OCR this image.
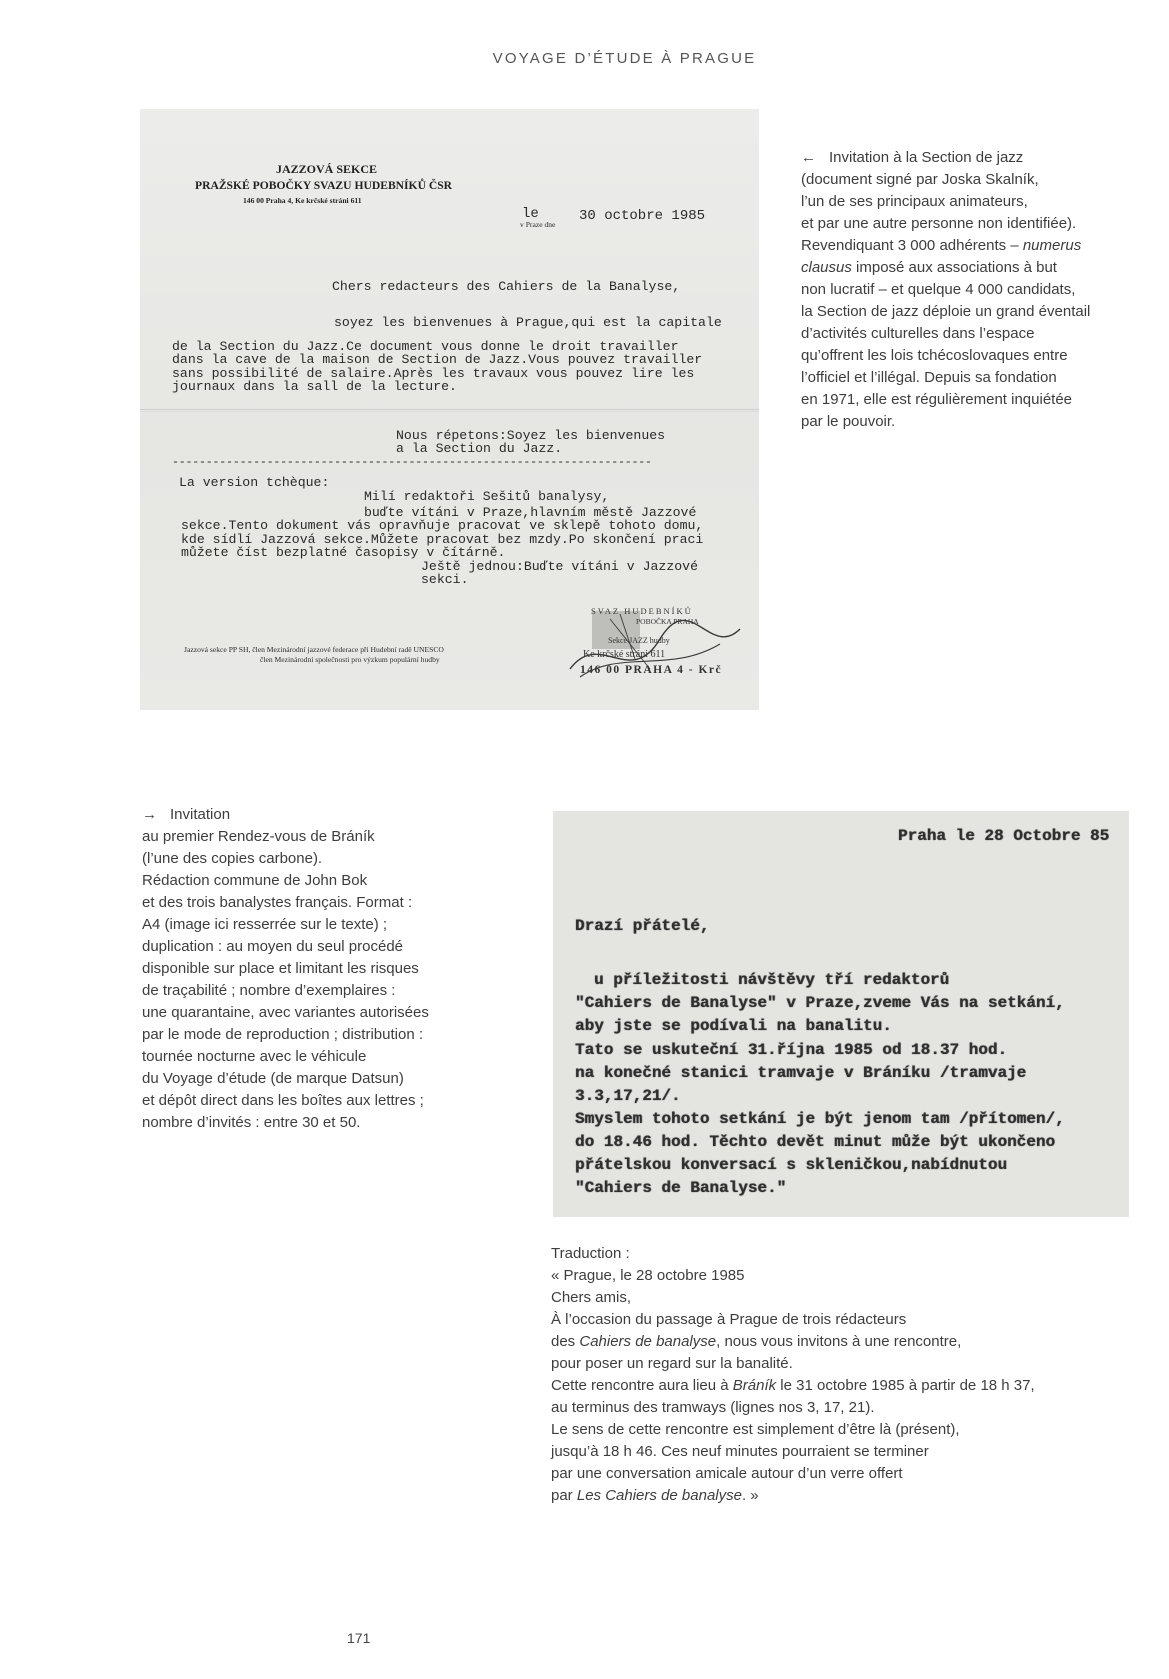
VOYAGE D’ÉTUDE À PRAGUE
JAZZOVÁ SEKCE
PRAŽSKÉ POBOČKY SVAZU HUDEBNÍKŮ ČSR
146 00 Praha 4, Ke krčské stráni 611
le
v Praze dne
30 octobre 1985
Chers redacteurs des Cahiers de la Banalyse,
soyez les bienvenues à Prague,qui est la capitale
de la Section du Jazz.Ce document vous donne le droit travailler
dans la cave de la maison de Section de Jazz.Vous pouvez travailler
sans possibilité de salaire.Après les travaux vous pouvez lire les
journaux dans la sall de la lecture.
Nous répetons:Soyez les bienvenues
a la Section du Jazz.
-----------------------------------------------------------------------
La version tchèque:
Milí redaktoři Sešitů banalysy,
buďte vítáni v Praze,hlavním městě Jazzové
sekce.Tento dokument vás opravňuje pracovat ve sklepě tohoto domu,
kde sídlí Jazzová sekce.Můžete pracovat bez mzdy.Po skončení praci
můžete číst bezplatné časopisy v čítárně.
Ještě jednou:Buďte vítáni v Jazzové
sekci.
Jazzová sekce PP SH, člen Mezinárodní jazzové federace při Hudební radě UNESCO
člen Mezinárodní společnosti pro výzkum populární hudby
SVAZ HUDEBNÍKŮ
POBOČKA PRAHA
Sekce JAZZ hudby
Ke krčské stráni 611
146 00 PRAHA 4 - Krč
← Invitation à la Section de jazz
(document signé par Joska Skalník,
l’un de ses principaux animateurs,
et par une autre personne non identifiée).
Revendiquant 3 000 adhérents – numerus
clausus imposé aux associations à but
non lucratif – et quelque 4 000 candidats,
la Section de jazz déploie un grand éventail
d’activités culturelles dans l’espace
qu’offrent les lois tchécoslovaques entre
l’officiel et l’illégal. Depuis sa fondation
en 1971, elle est régulièrement inquiétée
par le pouvoir.
→ Invitation
au premier Rendez-vous de Bráník
(l’une des copies carbone).
Rédaction commune de John Bok
et des trois banalystes français. Format :
A4 (image ici resserrée sur le texte) ;
duplication : au moyen du seul procédé
disponible sur place et limitant les risques
de traçabilité ; nombre d’exemplaires :
une quarantaine, avec variantes autorisées
par le mode de reproduction ; distribution :
tournée nocturne avec le véhicule
du Voyage d’étude (de marque Datsun)
et dépôt direct dans les boîtes aux lettres ;
nombre d’invités : entre 30 et 50.
Praha le 28 Octobre 85
Drazí přátelé,
u příležitosti návštěvy tří redaktorů
"Cahiers de Banalyse" v Praze,zveme Vás na setkání,
aby jste se podívali na banalitu.
Tato se uskuteční 31.října 1985 od 18.37 hod.
na konečné stanici tramvaje v Bráníku /tramvaje
3.3,17,21/.
Smyslem tohoto setkání je být jenom tam /přítomen/,
do 18.46 hod. Těchto devět minut může být ukončeno
přátelskou konversací s skleničkou,nabídnutou
"Cahiers de Banalyse."
Traduction :
« Prague, le 28 octobre 1985
Chers amis,
À l’occasion du passage à Prague de trois rédacteurs
des Cahiers de banalyse, nous vous invitons à une rencontre,
pour poser un regard sur la banalité.
Cette rencontre aura lieu à Bráník le 31 octobre 1985 à partir de 18 h 37,
au terminus des tramways (lignes nos 3, 17, 21).
Le sens de cette rencontre est simplement d’être là (présent),
jusqu’à 18 h 46. Ces neuf minutes pourraient se terminer
par une conversation amicale autour d’un verre offert
par Les Cahiers de banalyse. »
171
